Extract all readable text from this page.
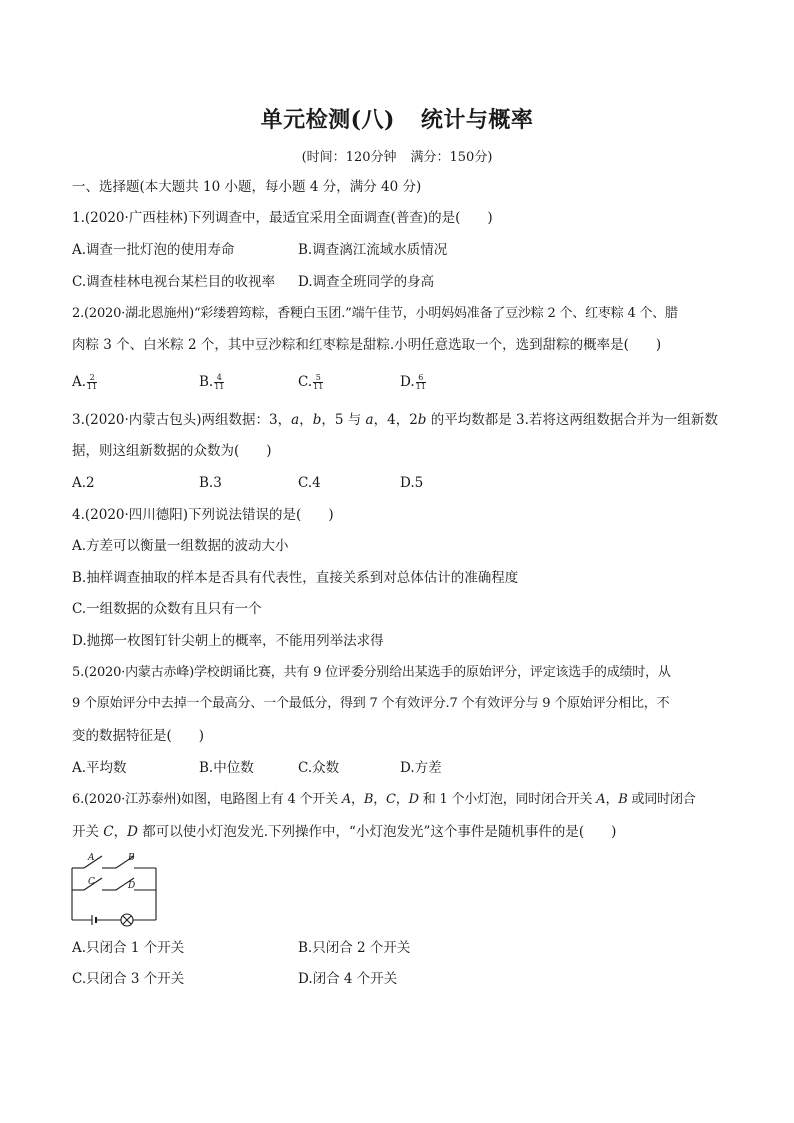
单元检测(八) 统计与概率
(时间：120分钟 满分：150分)
一、选择题(本大题共 10 小题，每小题 4 分，满分 40 分)
1.(2020·广西桂林)下列调查中，最适宜采用全面调查(普查)的是(　　)
A.调查一批灯泡的使用寿命	B.调查漓江流域水质情况
C.调查桂林电视台某栏目的收视率 D.调查全班同学的身高
2.(2020·湖北恩施州)“彩缕碧筠粽，香粳白玉团.”端午佳节，小明妈妈准备了豆沙粽 2 个、红枣粽 4 个、腊
肉粽 3 个、白米粽 2 个，其中豆沙粽和红枣粽是甜粽.小明任意选取一个，选到甜粽的概率是(　　)
A. $\frac{2}{11}$	B. $\frac{4}{11}$	C. $\frac{5}{11}$	D. $\frac{6}{11}$
3.(2020·内蒙古包头)两组数据：3，a，b，5 与 a，4，2b 的平均数都是 3.若将这两组数据合并为一组新数
据，则这组新数据的众数为(　　)
A.2	B.3	C.4	D.5
4.(2020·四川德阳)下列说法错误的是(　　)
A.方差可以衡量一组数据的波动大小
B.抽样调查抽取的样本是否具有代表性，直接关系到对总体估计的准确程度
C.一组数据的众数有且只有一个
D.抛掷一枚图钉针尖朝上的概率，不能用列举法求得
5.(2020·内蒙古赤峰)学校朗诵比赛，共有 9 位评委分别给出某选手的原始评分，评定该选手的成绩时，从
9 个原始评分中去掉一个最高分、一个最低分，得到 7 个有效评分.7 个有效评分与 9 个原始评分相比，不
变的数据特征是(　　)
A.平均数	B.中位数	C.众数	D.方差
6.(2020·江苏泰州)如图，电路图上有 4 个开关 A，B，C，D 和 1 个小灯泡，同时闭合开关 A，B 或同时闭合
开关 C，D 都可以使小灯泡发光.下列操作中，“小灯泡发光”这个事件是随机事件的是(　　)
A	B
C	D
A.只闭合 1 个开关	B.只闭合 2 个开关
C.只闭合 3 个开关	D.闭合 4 个开关
